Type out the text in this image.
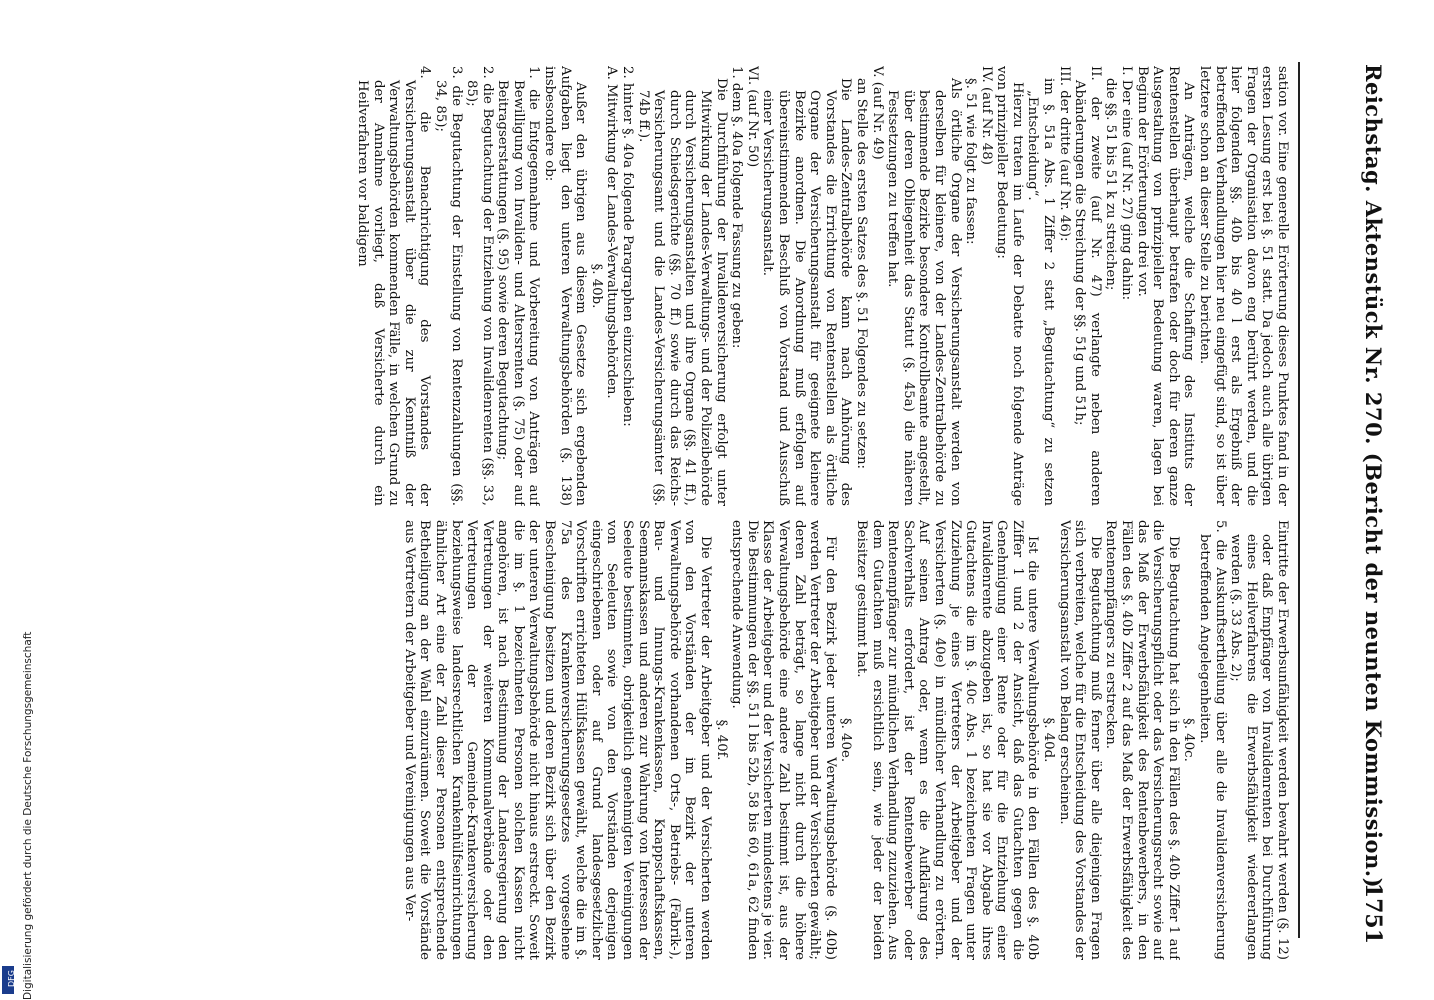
Reichstag. Aktenstück Nr. 270. (Bericht der neunten Kommission.)
1751

sation vor. Eine generelle Erörterung dieses Punktes fand in der ersten Lesung erst bei §. 51 statt. Da jedoch auch alle übrigen Fragen der Organisation davon eng berührt werden, und die hier folgenden §§. 40b bis 40 l erst als Ergebniß der betreffenden Verhandlungen hier neu eingefügt sind, so ist über letztere schon an dieser Stelle zu berichten.

An Anträgen, welche die Schaffung des Instituts der Rentenstellen überhaupt betrafen oder doch für deren ganze Ausgestaltung von prinzipieller Bedeutung waren, lagen bei Beginn der Erörterungen drei vor.

I. Der eine (auf Nr. 27) ging dahin:

die §§. 51 bis 51 k zu streichen;

II. der zweite (auf Nr. 47) verlangte neben anderen Abänderungen die Streichung der §§. 51g und 51h;

III. der dritte (auf Nr. 46):

im §. 51a Abs. 1 Ziffer 2 statt „Begutachtung“ zu setzen „Entscheidung“.

Hierzu traten im Laufe der Debatte noch folgende Anträge von prinzipieller Bedeutung:

IV. (auf Nr. 48)

§. 51 wie folgt zu fassen:

Als örtliche Organe der Versicherungsanstalt werden von derselben für kleinere, von der Landes-Zentralbehörde zu bestimmende Bezirke besondere Kontrollbeamte angestellt, über deren Obliegenheit das Statut (§. 45a) die näheren Festsetzungen zu treffen hat.

V. (auf Nr. 49)

an Stelle des ersten Satzes des §. 51 Folgendes zu setzen:

Die Landes-Zentralbehörde kann nach Anhörung des Vorstandes die Errichtung von Rentenstellen als örtliche Organe der Versicherungsanstalt für geeignete kleinere Bezirke anordnen. Die Anordnung muß erfolgen auf übereinstimmenden Beschluß von Vorstand und Ausschuß einer Versicherungsanstalt.

VI. (auf Nr. 50)

1. dem §. 40a folgende Fassung zu geben:

Die Durchführung der Invalidenversicherung erfolgt unter Mitwirkung der Landes-Verwaltungs- und der Polizeibehörde durch Versicherungsanstalten und ihre Organe (§§. 41 ff.), durch Schiedsgerichte (§§. 70 ff.) sowie durch das Reichs-Versicherungsamt und die Landes-Versicherungsämter (§§. 74b ff.).

2. hinter §. 40a folgende Paragraphen einzuschieben:

A. Mitwirkung der Landes-Verwaltungsbehörden.

§. 40b.

Außer den übrigen aus diesem Gesetze sich ergebenden Aufgaben liegt den unteren Verwaltungsbehörden (§. 138) insbesondere ob:

1. die Entgegennahme und Vorbereitung von Anträgen auf Bewilligung von Invaliden- und Altersrenten (§. 75) oder auf Beitragserstattungen (§. 95) sowie deren Begutachtung;

2. die Begutachtung der Entziehung von Invalidenrenten (§§. 33, 85);

3. die Begutachtung der Einstellung von Rentenzahlungen (§§. 34, 85);

4. die Benachrichtigung des Vorstandes der Versicherungsanstalt über die zur Kenntniß der Verwaltungsbehörden kommenden Fälle, in welchen Grund zu der Annahme vorliegt, daß Versicherte durch ein Heilverfahren vor baldigem

Eintritte der Erwerbsunfähigkeit werden bewahrt werden (§. 12) oder daß Empfänger von Invalidenrenten bei Durchführung eines Heilverfahrens die Erwerbsfähigkeit wiedererlangen werden (§. 33 Abs. 2);

5. die Auskunftsertheilung über alle die Invalidenversicherung betreffenden Angelegenheiten.

§. 40c.

Die Begutachtung hat sich in den Fällen des §. 40b Ziffer 1 auf die Versicherungspflicht oder das Versicherungsrecht sowie auf das Maß der Erwerbsfähigkeit des Rentenbewerbers, in den Fällen des §. 40b Ziffer 2 auf das Maß der Erwerbsfähigkeit des Rentenempfängers zu erstrecken.

Die Begutachtung muß ferner über alle diejenigen Fragen sich verbreiten, welche für die Entscheidung des Vorstandes der Versicherungsanstalt von Belang erscheinen.

§. 40d.

Ist die untere Verwaltungsbehörde in den Fällen des §. 40b Ziffer 1 und 2 der Ansicht, daß das Gutachten gegen die Genehmigung einer Rente oder für die Entziehung einer Invalidenrente abzugeben ist, so hat sie vor Abgabe ihres Gutachtens die im §. 40c Abs. 1 bezeichneten Fragen unter Zuziehung je eines Vertreters der Arbeitgeber und der Versicherten (§. 40e) in mündlicher Verhandlung zu erörtern. Auf seinen Antrag oder, wenn es die Aufklärung des Sachverhalts erfordert, ist der Rentenbewerber oder Rentenempfänger zur mündlichen Verhandlung zuzuziehen. Aus dem Gutachten muß ersichtlich sein, wie jeder der beiden Beisitzer gestimmt hat.

§. 40e.

Für den Bezirk jeder unteren Verwaltungsbehörde (§. 40b) werden Vertreter der Arbeitgeber und der Versicherten gewählt; deren Zahl beträgt, so lange nicht durch die höhere Verwaltungsbehörde eine andere Zahl bestimmt ist, aus der Klasse der Arbeitgeber und der Versicherten mindestens je vier. Die Bestimmungen der §§. 51 l bis 52b, 58 bis 60, 61a, 62 finden entsprechende Anwendung.

§. 40f.

Die Vertreter der Arbeitgeber und der Versicherten werden von den Vorständen der im Bezirk der unteren Verwaltungsbehörde vorhandenen Orts-, Betriebs- (Fabrik-), Bau- und Innungs-Krankenkassen, Knappschaftskassen, Seemannskassen und anderen zur Wahrung von Interessen der Seeleute bestimmten, obrigkeitlich genehmigten Vereinigungen von Seeleuten sowie von den Vorständen derjenigen eingeschriebenen oder auf Grund landesgesetzlicher Vorschriften errichteten Hülfskassen gewählt, welche die im §. 75a des Krankenversicherungsgesetzes vorgesehene Bescheinigung besitzen und deren Bezirk sich über den Bezirk der unteren Verwaltungsbehörde nicht hinaus erstreckt. Soweit die im §. 1 bezeichneten Personen solchen Kassen nicht angehören, ist nach Bestimmung der Landesregierung den Vertretungen der weiteren Kommunalverbände oder den Vertretungen der Gemeinde-Krankenversicherung beziehungsweise landesrechtlichen Krankenhülfseinrichtungen ähnlicher Art eine der Zahl dieser Personen entsprechende Betheiligung an der Wahl einzuräumen. Soweit die Vorstände aus Vertretern der Arbeitgeber und Vereinigungen aus Ver-

Digitalisierung gefördert durch die Deutsche Forschungsgemeinschaft
DFG
